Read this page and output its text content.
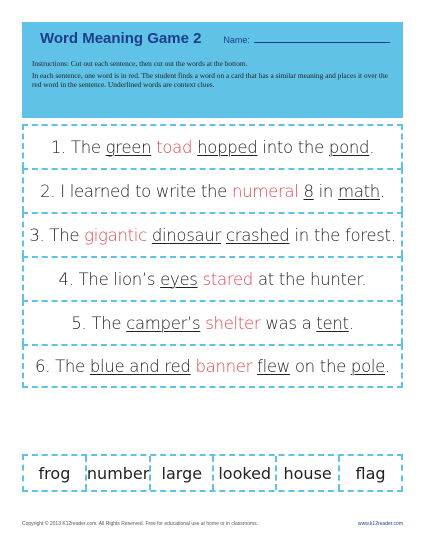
Word Meaning Game 2 Name:

Instructions: Cut out each sentence, then cut out the words at the bottom.

In each sentence, one word is in red. The student finds a word on a card that has a similar meaning and places it over the red word in the sentence. Underlined words are context clues.

1. The green toad hopped into the pond.
2. I learned to write the numeral 8 in math.
3. The gigantic dinosaur crashed in the forest.
4. The lion’s eyes stared at the hunter.
5. The camper’s shelter was a tent.
6. The blue and red banner flew on the pole.
frog	number large	looked house	flag
Copyright © 2013 K12reader.com. All Rights Reserved. Free for educational use at home or in classrooms.	www.k12reader.com
